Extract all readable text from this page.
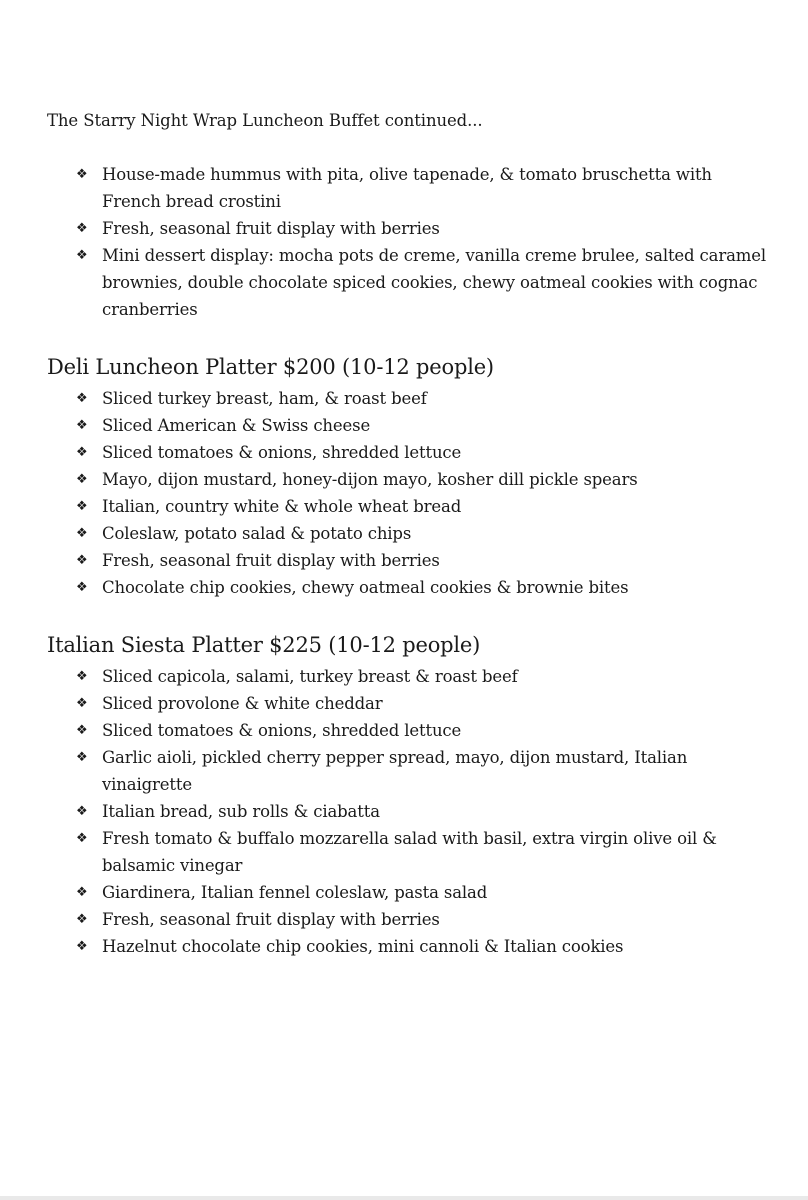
The Starry Night Wrap Luncheon Buffet continued...
❖ House-made hummus with pita, olive tapenade, & tomato bruschetta with French bread crostini
❖ Fresh, seasonal fruit display with berries
❖ Mini dessert display: mocha pots de creme, vanilla creme brulee, salted caramel brownies, double chocolate spiced cookies, chewy oatmeal cookies with cognac cranberries
Deli Luncheon Platter $200 (10-12 people)
❖ Sliced turkey breast, ham, & roast beef
❖ Sliced American & Swiss cheese
❖ Sliced tomatoes & onions, shredded lettuce
❖ Mayo, dijon mustard, honey-dijon mayo, kosher dill pickle spears
❖ Italian, country white & whole wheat bread
❖ Coleslaw, potato salad & potato chips
❖ Fresh, seasonal fruit display with berries
❖ Chocolate chip cookies, chewy oatmeal cookies & brownie bites
Italian Siesta Platter $225 (10-12 people)
❖ Sliced capicola, salami, turkey breast & roast beef
❖ Sliced provolone & white cheddar
❖ Sliced tomatoes & onions, shredded lettuce
❖ Garlic aioli, pickled cherry pepper spread, mayo, dijon mustard, Italian vinaigrette
❖ Italian bread, sub rolls & ciabatta
❖ Fresh tomato & buffalo mozzarella salad with basil, extra virgin olive oil & balsamic vinegar
❖ Giardinera, Italian fennel coleslaw, pasta salad
❖ Fresh, seasonal fruit display with berries
❖ Hazelnut chocolate chip cookies, mini cannoli & Italian cookies
